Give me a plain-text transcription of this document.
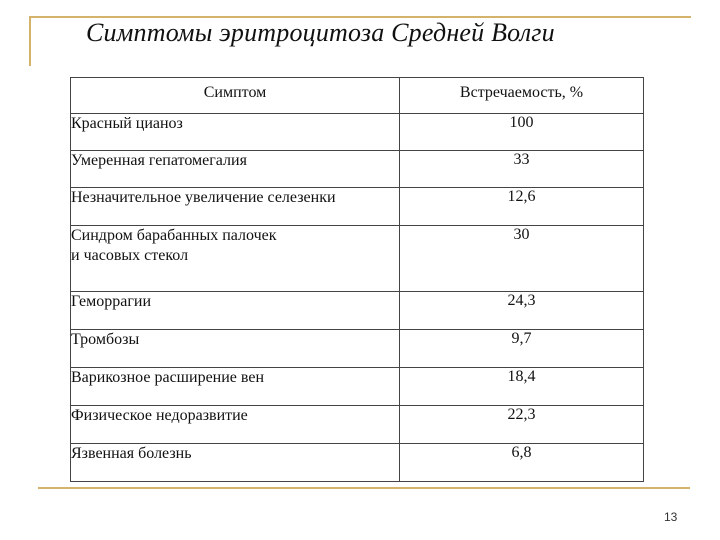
Симптомы эритроцитоза Средней Волги
Симптом	Встречаемость, %
Красный цианоз	100
Умеренная гепатомегалия	33
Незначительное увеличение селезенки	12,6
Синдром барабанных палочек
и часовых стекол	30
Геморрагии	24,3
Тромбозы	9,7
Варикозное расширение вен	18,4
Физическое недоразвитие	22,3
Язвенная болезнь	6,8
13
